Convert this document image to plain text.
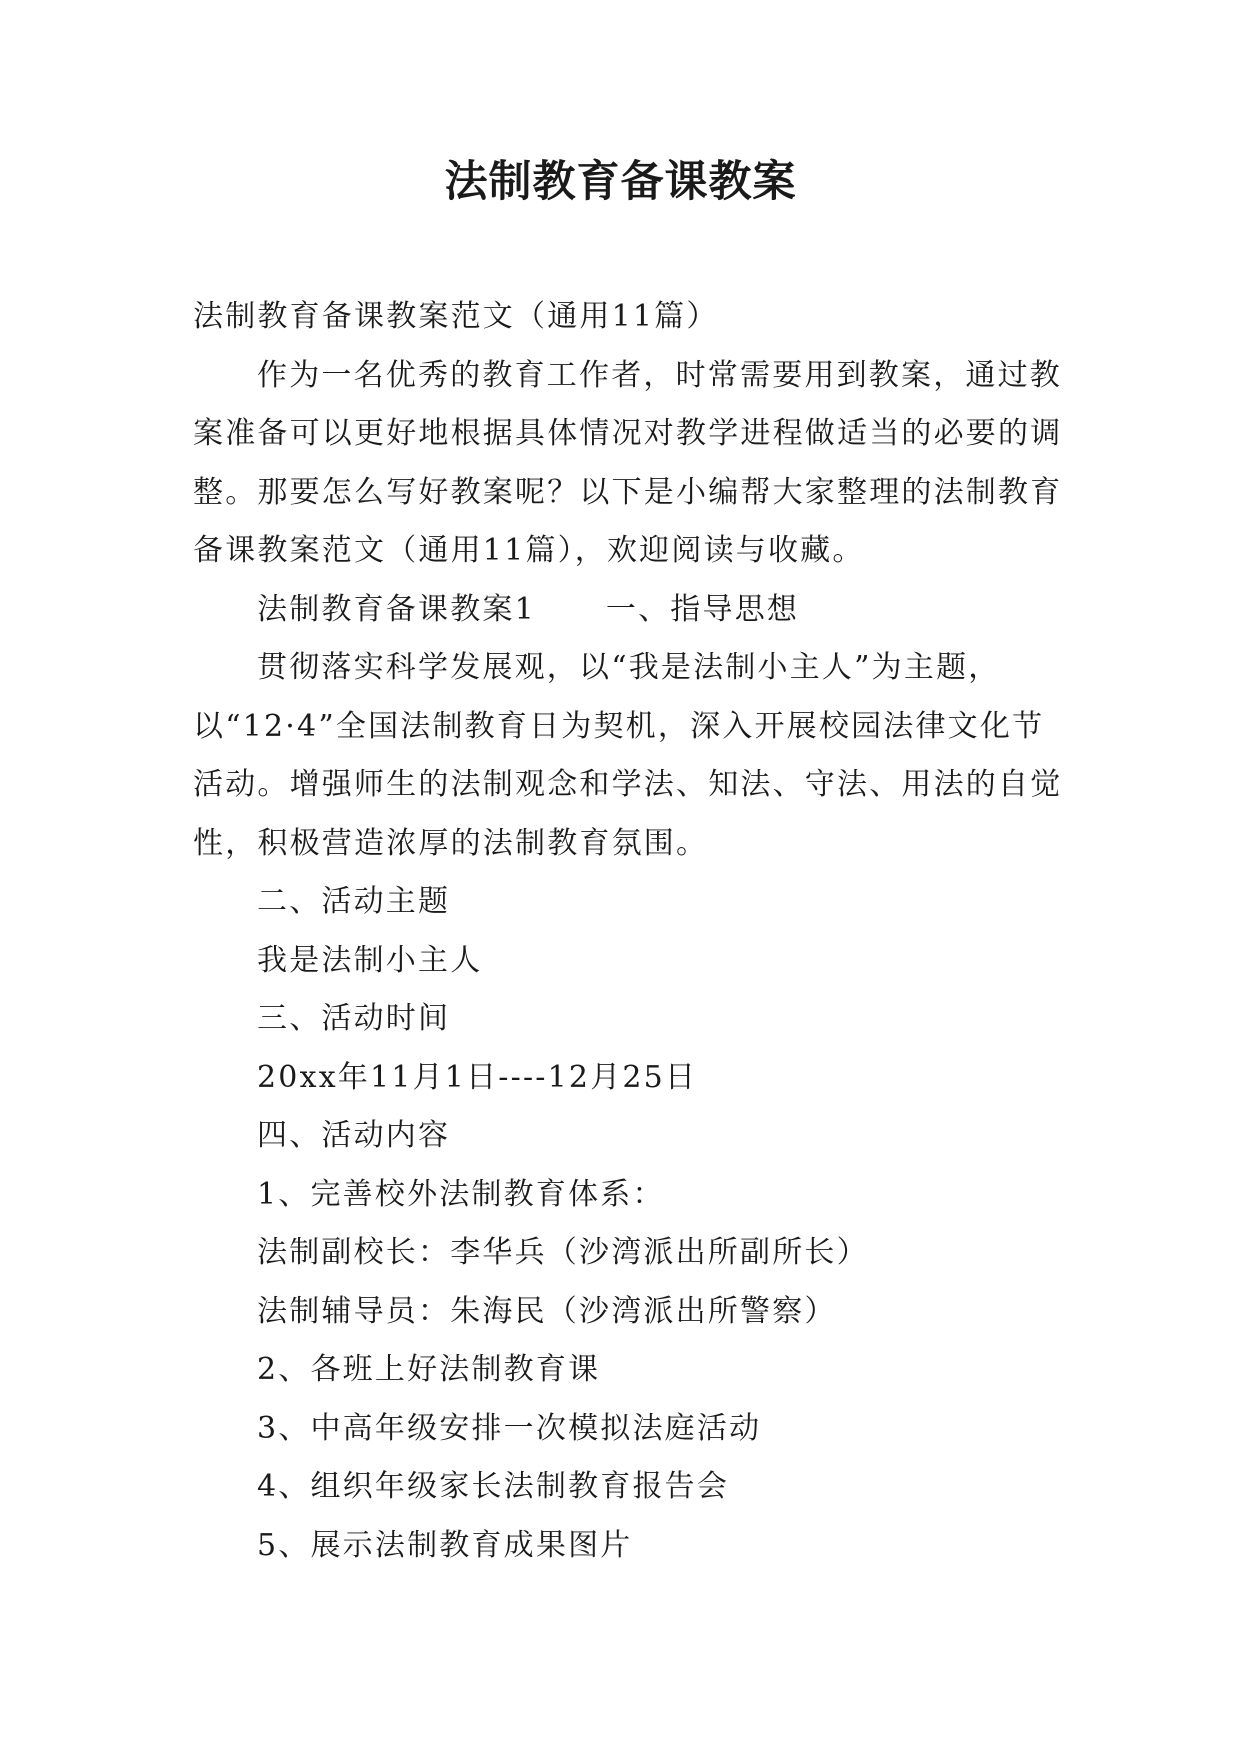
法制教育备课教案

法制教育备课教案范文（通用11篇）

作为一名优秀的教育工作者，时常需要用到教案，通过教案准备可以更好地根据具体情况对教学进程做适当的必要的调整。那要怎么写好教案呢？以下是小编帮大家整理的法制教育备课教案范文（通用11篇），欢迎阅读与收藏。

法制教育备课教案1 一、指导思想

贯彻落实科学发展观，以“我是法制小主人”为主题，以“12·4”全国法制教育日为契机，深入开展校园法律文化节活动。增强师生的法制观念和学法、知法、守法、用法的自觉性，积极营造浓厚的法制教育氛围。

二、活动主题

我是法制小主人

三、活动时间

20xx年11月1日----12月25日

四、活动内容

1、完善校外法制教育体系：

法制副校长：李华兵（沙湾派出所副所长）

法制辅导员：朱海民（沙湾派出所警察）

2、各班上好法制教育课

3、中高年级安排一次模拟法庭活动

4、组织年级家长法制教育报告会

5、展示法制教育成果图片
